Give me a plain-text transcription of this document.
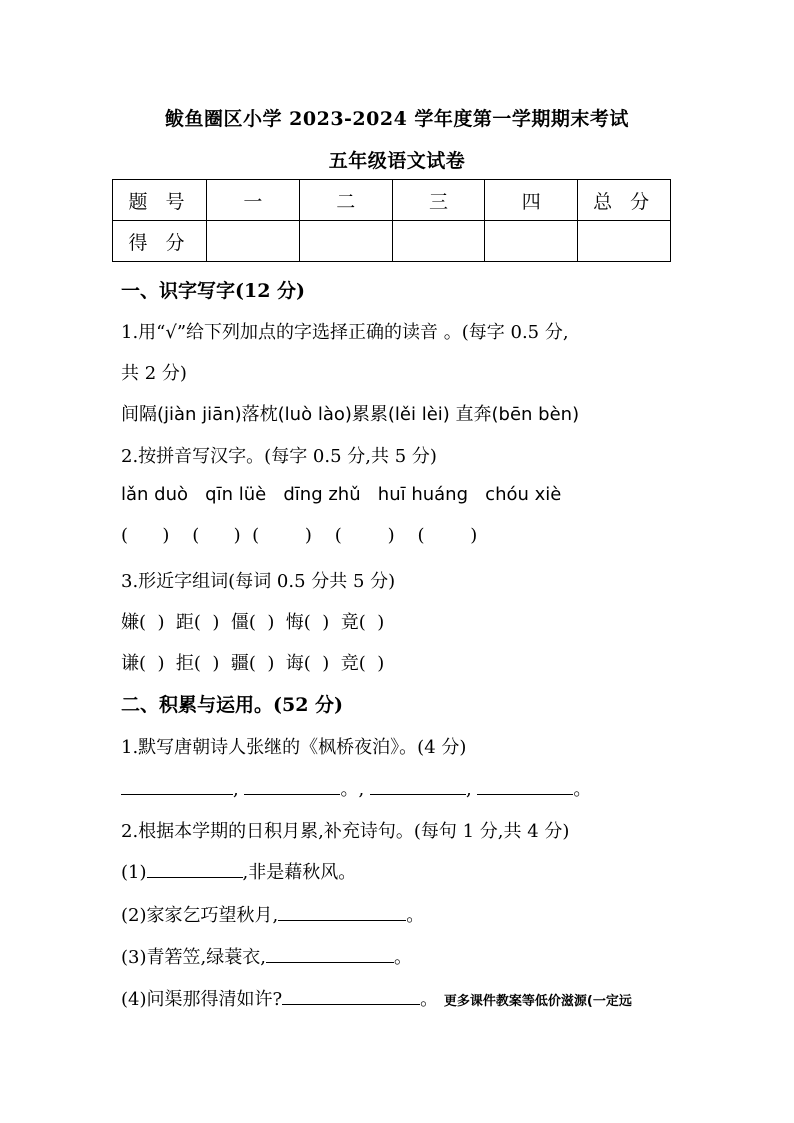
鲅鱼圈区小学 2023-2024 学年度第一学期期末考试
五年级语文试卷
题 号	一	二	三	四	总 分
得 分					
一、识字写字(12 分)
1.用“√”给下列加点的字选择正确的读音 。(每字 0.5 分,
共 2 分)
间隔(jiàn jiān)落枕(luò lào)累累(lěi lèi) 直奔(bēn bèn)
2.按拼音写汉字。(每字 0.5 分,共 5 分)
lǎn duò   qīn lüè   dīng zhǔ   huī huáng   chóu xiè
(      )    (      )  (        )    (        )    (        )
3.形近字组词(每词 0.5 分共 5 分)
嫌(  )  距(  )  僵(  )  悔(  )  竟(  )
谦(  )  拒(  )  疆(  )  诲(  )  竞(  )
二、积累与运用。(52 分)
1.默写唐朝诗人张继的《枫桥夜泊》。(4 分)
,	。,	,	。
2.根据本学期的日积月累,补充诗句。(每句 1 分,共 4 分)
(1)	,非是藉秋风。
(2)家家乞巧望秋月,	。
(3)青箬笠,绿蓑衣,	。
(4)问渠那得清如许?	。 更多课件教案等低价滋源(一定远
